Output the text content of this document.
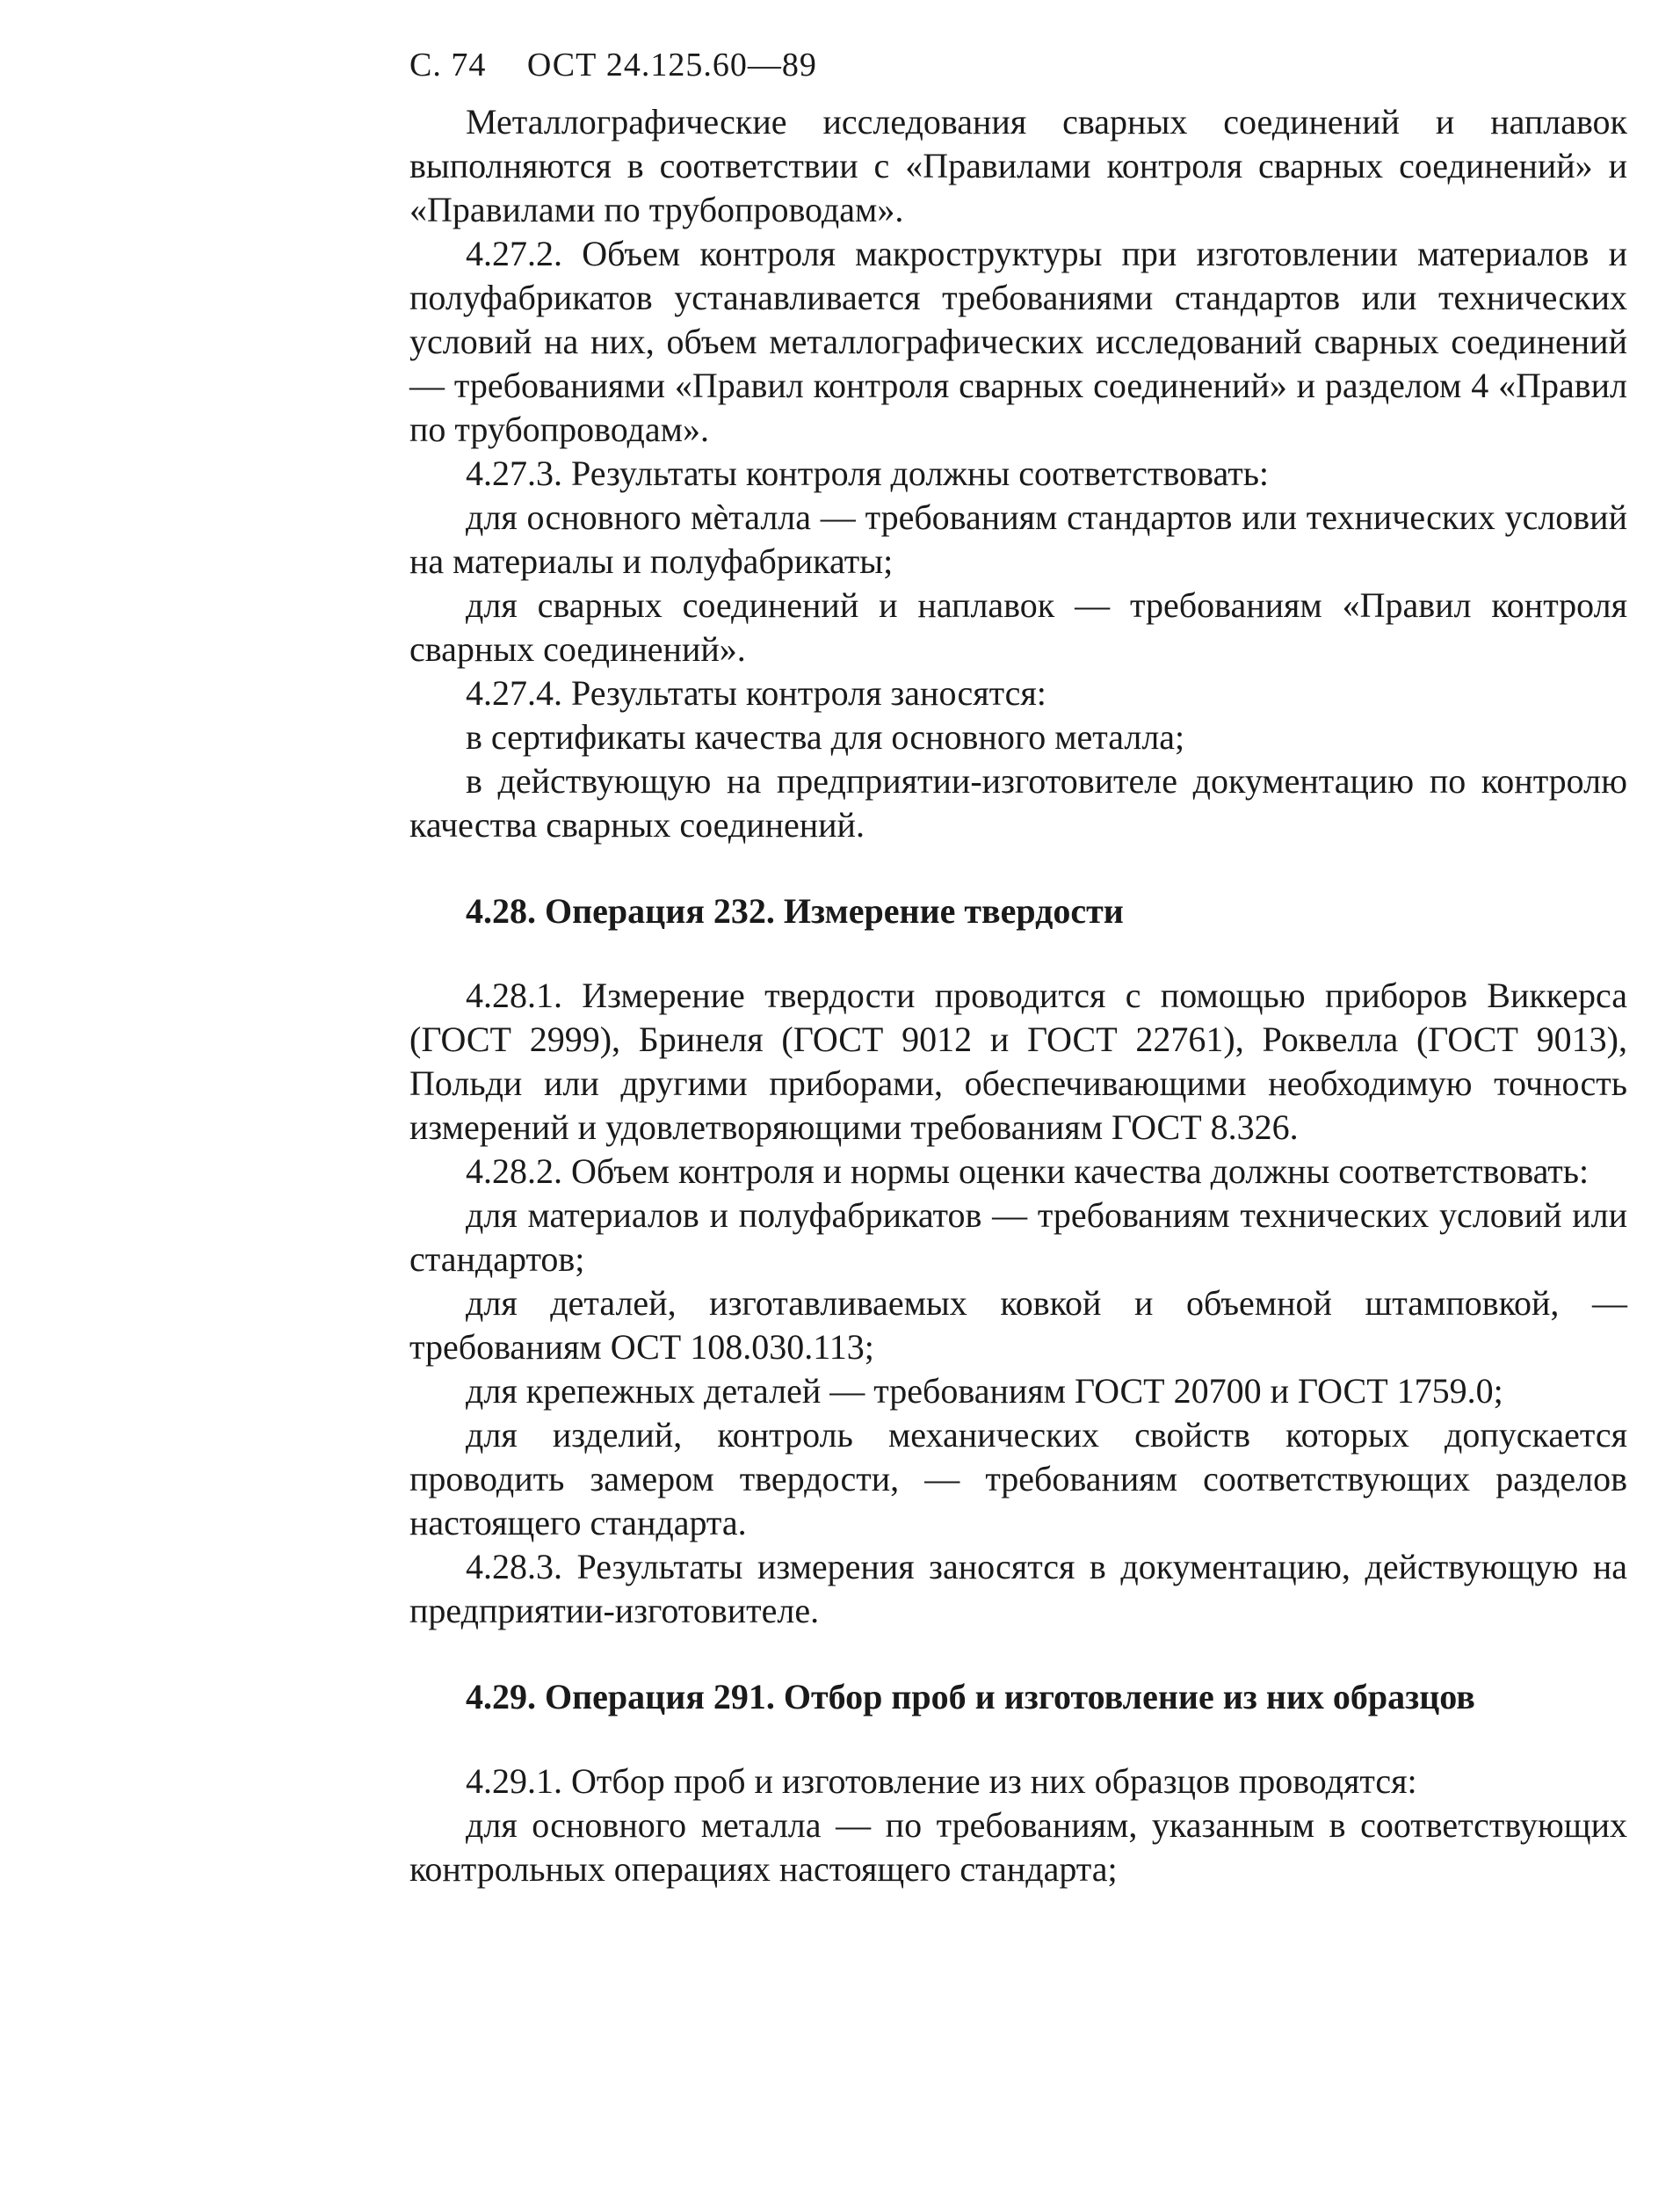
С. 74 ОСТ 24.125.60—89

Металлографические исследования сварных соединений и наплавок выполняются в соответствии с «Правилами контроля сварных соединений» и «Правилами по трубопроводам».

4.27.2. Объем контроля макроструктуры при изготовлении материалов и полуфабрикатов устанавливается требованиями стандартов или технических условий на них, объем металлографических исследований сварных соединений — требованиями «Правил контроля сварных соединений» и разделом 4 «Правил по трубопроводам».

4.27.3. Результаты контроля должны соответствовать:

для основного мèталла — требованиям стандартов или технических условий на материалы и полуфабрикаты;

для сварных соединений и наплавок — требованиям «Правил контроля сварных соединений».

4.27.4. Результаты контроля заносятся:

в сертификаты качества для основного металла;

в действующую на предприятии-изготовителе документацию по контролю качества сварных соединений.

4.28. Операция 232. Измерение твердости

4.28.1. Измерение твердости проводится с помощью приборов Виккерса (ГОСТ 2999), Бринеля (ГОСТ 9012 и ГОСТ 22761), Роквелла (ГОСТ 9013), Польди или другими приборами, обеспечивающими необходимую точность измерений и удовлетворяющими требованиям ГОСТ 8.326.

4.28.2. Объем контроля и нормы оценки качества должны соответствовать:

для материалов и полуфабрикатов — требованиям технических условий или стандартов;

для деталей, изготавливаемых ковкой и объемной штамповкой, — требованиям ОСТ 108.030.113;

для крепежных деталей — требованиям ГОСТ 20700 и ГОСТ 1759.0;

для изделий, контроль механических свойств которых допускается проводить замером твердости, — требованиям соответствующих разделов настоящего стандарта.

4.28.3. Результаты измерения заносятся в документацию, действующую на предприятии-изготовителе.

4.29. Операция 291. Отбор проб и изготовление из них образцов

4.29.1. Отбор проб и изготовление из них образцов проводятся:

для основного металла — по требованиям, указанным в соответствующих контрольных операциях настоящего стандарта;
